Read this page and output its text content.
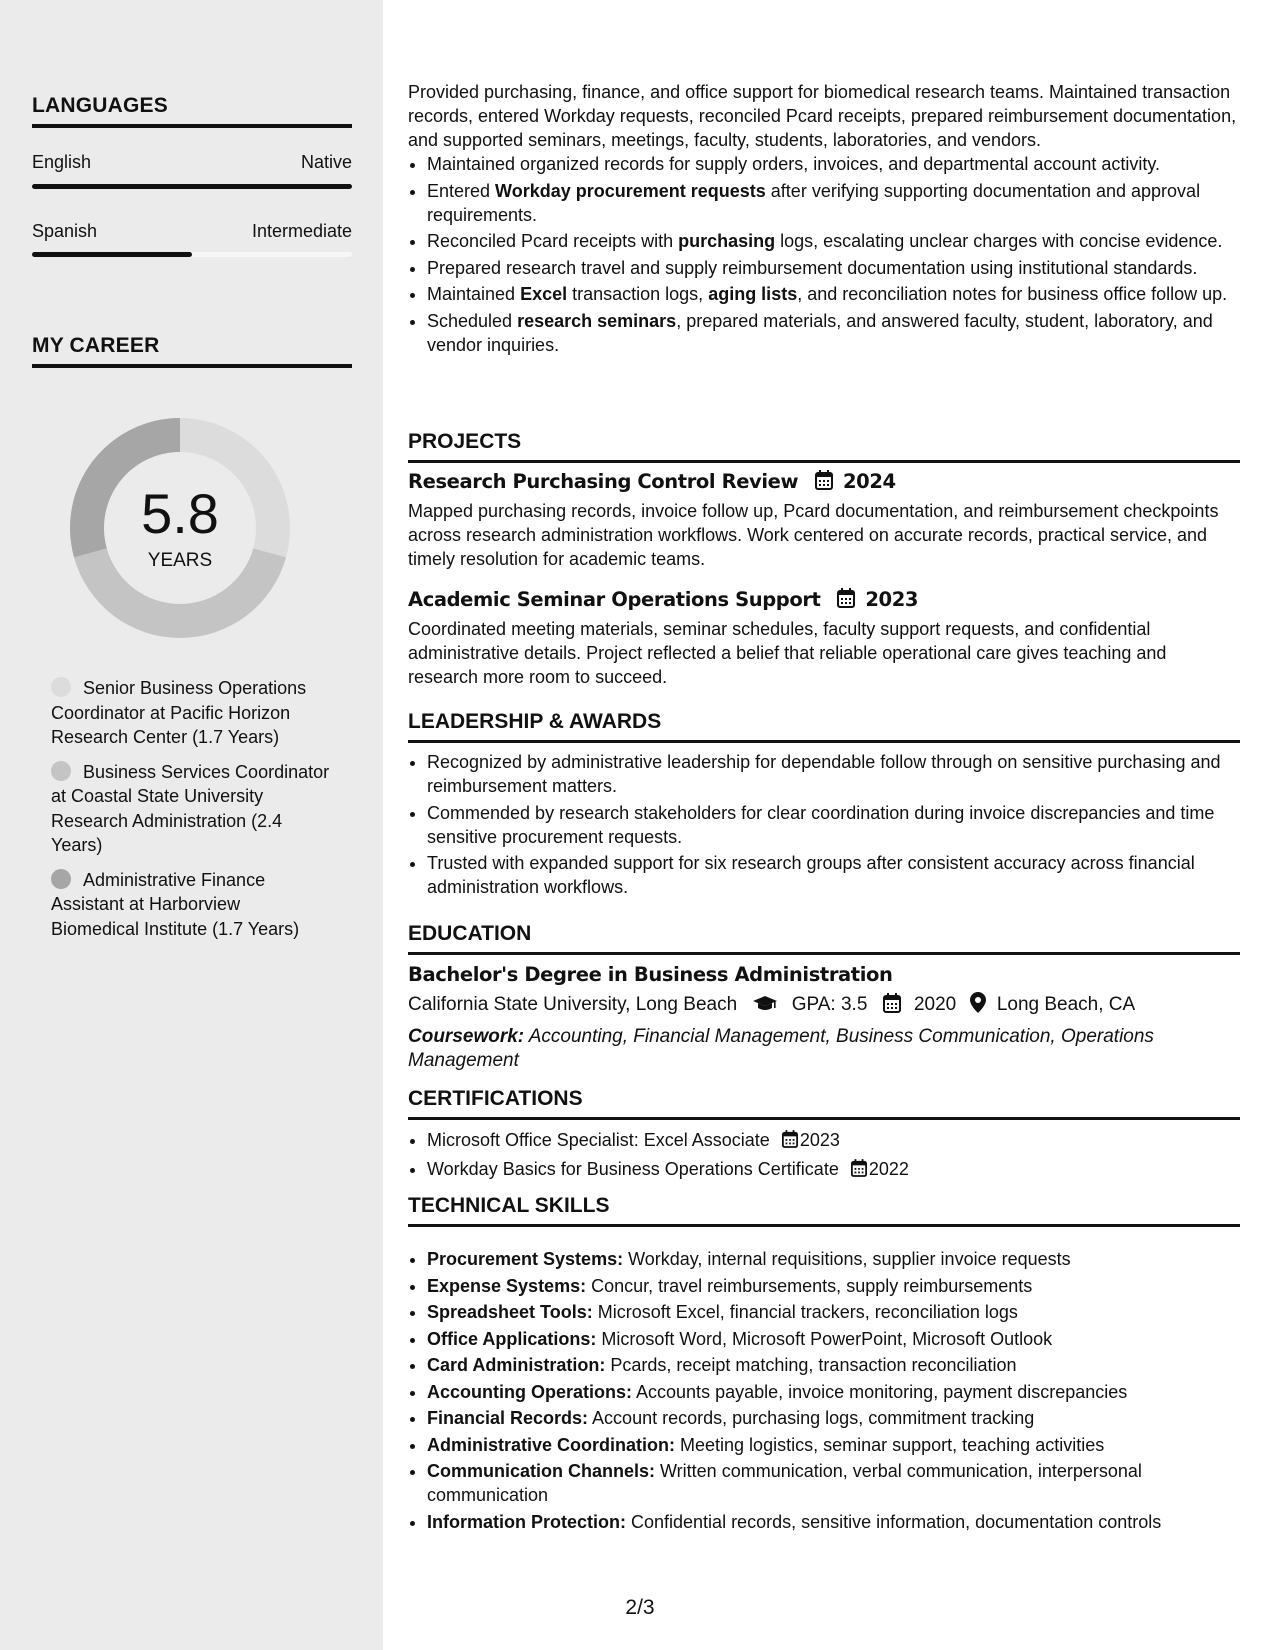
LANGUAGES
English	Native
Spanish	Intermediate
MY CAREER
5.8
YEARS
Senior Business Operations Coordinator at Pacific Horizon Research Center (1.7 Years)
Business Services Coordinator at Coastal State University Research Administration (2.4 Years)
Administrative Finance Assistant at Harborview Biomedical Institute (1.7 Years)

Provided purchasing, finance, and office support for biomedical research teams. Maintained transaction records, entered Workday requests, reconciled Pcard receipts, prepared reimbursement documentation, and supported seminars, meetings, faculty, students, laboratories, and vendors.

• Maintained organized records for supply orders, invoices, and departmental account activity.
• Entered Workday procurement requests after verifying supporting documentation and approval requirements.
• Reconciled Pcard receipts with purchasing logs, escalating unclear charges with concise evidence.
• Prepared research travel and supply reimbursement documentation using institutional standards.
• Maintained Excel transaction logs, aging lists, and reconciliation notes for business office follow up.
• Scheduled research seminars, prepared materials, and answered faculty, student, laboratory, and vendor inquiries.
PROJECTS
Research Purchasing Control Review 2024

Mapped purchasing records, invoice follow up, Pcard documentation, and reimbursement checkpoints across research administration workflows. Work centered on accurate records, practical service, and timely resolution for academic teams.

Academic Seminar Operations Support 2023

Coordinated meeting materials, seminar schedules, faculty support requests, and confidential administrative details. Project reflected a belief that reliable operational care gives teaching and research more room to succeed.

LEADERSHIP & AWARDS
• Recognized by administrative leadership for dependable follow through on sensitive purchasing and reimbursement matters.
• Commended by research stakeholders for clear coordination during invoice discrepancies and time sensitive procurement requests.
• Trusted with expanded support for six research groups after consistent accuracy across financial administration workflows.
EDUCATION
Bachelor's Degree in Business Administration
California State University, Long Beach	GPA: 3.5 2020 Long Beach, CA
Coursework: Accounting, Financial Management, Business Communication, Operations Management
CERTIFICATIONS
• Microsoft Office Specialist: Excel Associate 2023
• Workday Basics for Business Operations Certificate 2022
TECHNICAL SKILLS
• Procurement Systems: Workday, internal requisitions, supplier invoice requests
• Expense Systems: Concur, travel reimbursements, supply reimbursements
• Spreadsheet Tools: Microsoft Excel, financial trackers, reconciliation logs
• Office Applications: Microsoft Word, Microsoft PowerPoint, Microsoft Outlook
• Card Administration: Pcards, receipt matching, transaction reconciliation
• Accounting Operations: Accounts payable, invoice monitoring, payment discrepancies
• Financial Records: Account records, purchasing logs, commitment tracking
• Administrative Coordination: Meeting logistics, seminar support, teaching activities
• Communication Channels: Written communication, verbal communication, interpersonal communication
• Information Protection: Confidential records, sensitive information, documentation controls
2/3
